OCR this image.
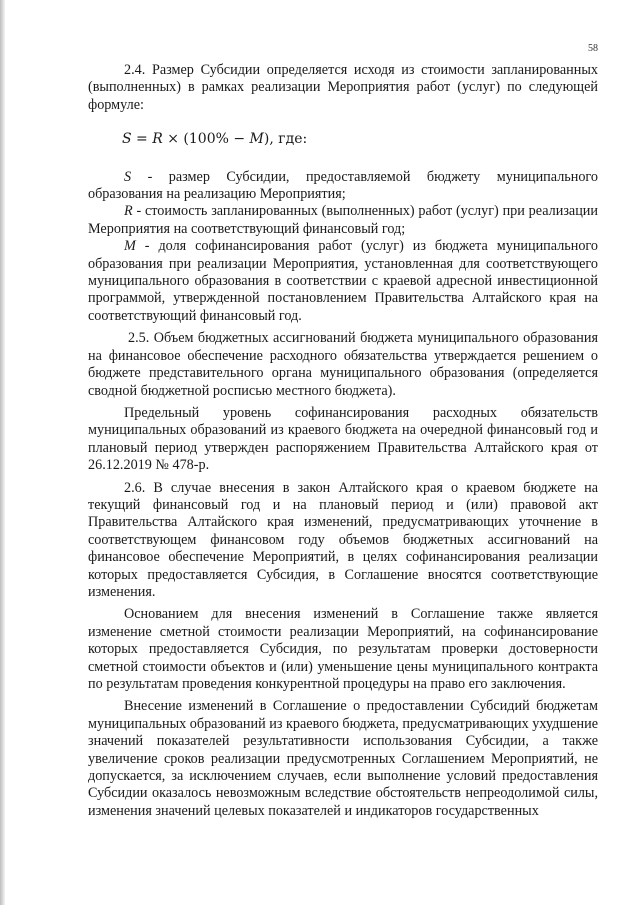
58

2.4. Размер Субсидии определяется исходя из стоимости запланированных (выполненных) в рамках реализации Мероприятия работ (услуг) по следующей формуле:

S = R × (100% − M), где:

S - размер Субсидии, предоставляемой бюджету муниципального образования на реализацию Мероприятия;

R - стоимость запланированных (выполненных) работ (услуг) при реализации Мероприятия на соответствующий финансовый год;

M - доля софинансирования работ (услуг) из бюджета муниципального образования при реализации Мероприятия, установленная для соответствующего муниципального образования в соответствии с краевой адресной инвестиционной программой, утвержденной постановлением Правительства Алтайского края на соответствующий финансовый год.

2.5. Объем бюджетных ассигнований бюджета муниципального образования на финансовое обеспечение расходного обязательства утверждается решением о бюджете представительного органа муниципального образования (определяется сводной бюджетной росписью местного бюджета).

Предельный уровень софинансирования расходных обязательств муниципальных образований из краевого бюджета на очередной финансовый год и плановый период утвержден распоряжением Правительства Алтайского края от 26.12.2019 № 478-р.

2.6. В случае внесения в закон Алтайского края о краевом бюджете на текущий финансовый год и на плановый период и (или) правовой акт Правительства Алтайского края изменений, предусматривающих уточнение в соответствующем финансовом году объемов бюджетных ассигнований на финансовое обеспечение Мероприятий, в целях софинансирования реализации которых предоставляется Субсидия, в Соглашение вносятся соответствующие изменения.

Основанием для внесения изменений в Соглашение также является изменение сметной стоимости реализации Мероприятий, на софинансирование которых предоставляется Субсидия, по результатам проверки достоверности сметной стоимости объектов и (или) уменьшение цены муниципального контракта по результатам проведения конкурентной процедуры на право его заключения.

Внесение изменений в Соглашение о предоставлении Субсидий бюджетам муниципальных образований из краевого бюджета, предусматривающих ухудшение значений показателей результативности использования Субсидии, а также увеличение сроков реализации предусмотренных Соглашением Мероприятий, не допускается, за исключением случаев, если выполнение условий предоставления Субсидии оказалось невозможным вследствие обстоятельств непреодолимой силы, изменения значений целевых показателей и индикаторов государственных
